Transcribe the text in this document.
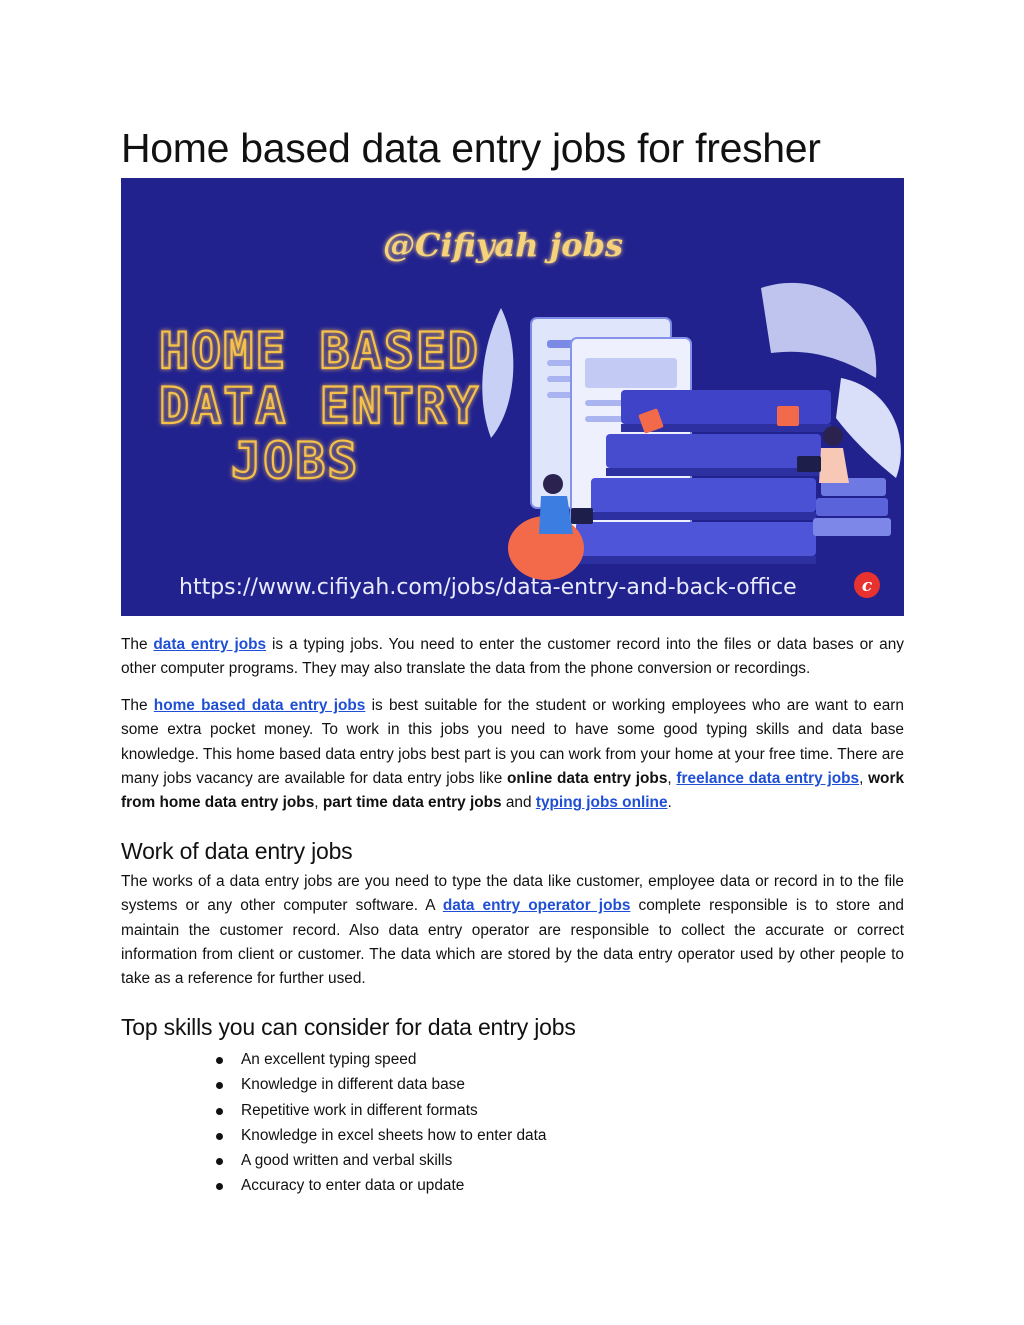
Home based data entry jobs for fresher
@Cifiyah jobs
HOME BASED
DATA ENTRY
JOBS
https://www.cifiyah.com/jobs/data-entry-and-back-office	c

The data entry jobs is a typing jobs. You need to enter the customer record into the files or data bases or any other computer programs. They may also translate the data from the phone conversion or recordings.

The home based data entry jobs is best suitable for the student or working employees who are want to earn some extra pocket money. To work in this jobs you need to have some good typing skills and data base knowledge. This home based data entry jobs best part is you can work from your home at your free time. There are many jobs vacancy are available for data entry jobs like online data entry jobs, freelance data entry jobs, work from home data entry jobs, part time data entry jobs and typing jobs online.

Work of data entry jobs

The works of a data entry jobs are you need to type the data like customer, employee data or record in to the file systems or any other computer software. A data entry operator jobs complete responsible is to store and maintain the customer record. Also data entry operator are responsible to collect the accurate or correct information from client or customer. The data which are stored by the data entry operator used by other people to take as a reference for further used.

Top skills you can consider for data entry jobs
An excellent typing speed
Knowledge in different data base
Repetitive work in different formats
Knowledge in excel sheets how to enter data
A good written and verbal skills
Accuracy to enter data or update
